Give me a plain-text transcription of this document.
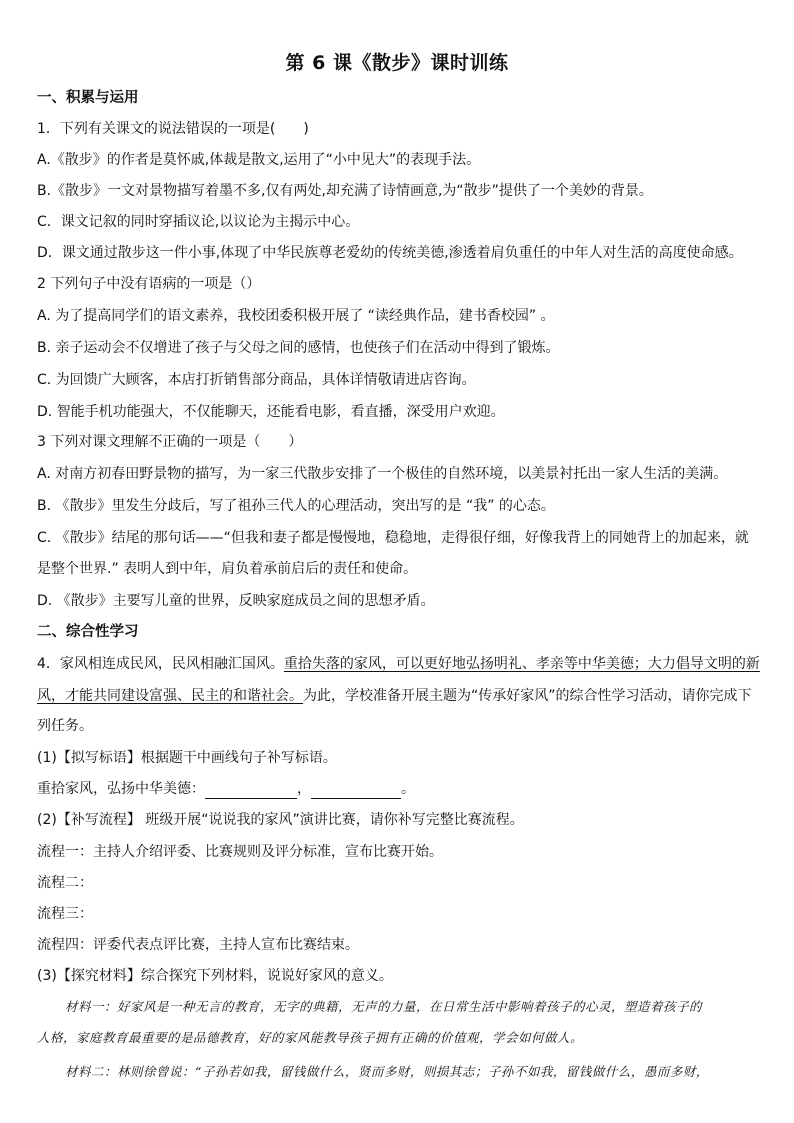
第 6 课《散步》课时训练
一、积累与运用
1．下列有关课文的说法错误的一项是(　　)
A.《散步》的作者是莫怀戚,体裁是散文,运用了“小中见大”的表现手法。
B.《散步》一文对景物描写着墨不多,仅有两处,却充满了诗情画意,为“散步”提供了一个美妙的背景。
C．课文记叙的同时穿插议论,以议论为主揭示中心。
D．课文通过散步这一件小事,体现了中华民族尊老爱幼的传统美德,渗透着肩负重任的中年人对生活的高度使命感。
2 下列句子中没有语病的一项是（）
A. 为了提高同学们的语文素养，我校团委积极开展了 “读经典作品，建书香校园” 。
B. 亲子运动会不仅增进了孩子与父母之间的感情，也使孩子们在活动中得到了锻炼。
C. 为回馈广大顾客，本店打折销售部分商品，具体详情敬请进店咨询。
D. 智能手机功能强大，不仅能聊天，还能看电影，看直播，深受用户欢迎。
3 下列对课文理解不正确的一项是（　　）
A. 对南方初春田野景物的描写，为一家三代散步安排了一个极佳的自然环境，以美景衬托出一家人生活的美满。
B. 《散步》里发生分歧后，写了祖孙三代人的心理活动，突出写的是 “我” 的心态。
C. 《散步》结尾的那句话——“但我和妻子都是慢慢地，稳稳地，走得很仔细，好像我背上的同她背上的加起来，就
是整个世界.” 表明人到中年，肩负着承前启后的责任和使命。
D. 《散步》主要写儿童的世界，反映家庭成员之间的思想矛盾。
二、综合性学习
4．家风相连成民风，民风相融汇国风。重拾失落的家风，可以更好地弘扬明礼、孝亲等中华美德；大力倡导文明的新
风，才能共同建设富强、民主的和谐社会。为此，学校准备开展主题为“传承好家风”的综合性学习活动，请你完成下
列任务。
(1)【拟写标语】根据题干中画线句子补写标语。
重拾家风，弘扬中华美德：	，	。
(2)【补写流程】 班级开展“说说我的家风”演讲比赛，请你补写完整比赛流程。
流程一：主持人介绍评委、比赛规则及评分标准，宣布比赛开始。
流程二：
流程三：
流程四：评委代表点评比赛，主持人宣布比赛结束。
(3)【探究材料】综合探究下列材料，说说好家风的意义。
材料一：好家风是一种无言的教育，无字的典籍，无声的力量，在日常生活中影响着孩子的心灵，塑造着孩子的
人格，家庭教育最重要的是品德教育，好的家风能教导孩子拥有正确的价值观，学会如何做人。
材料二：林则徐曾说：“子孙若如我，留钱做什么，贤而多财，则损其志；子孙不如我，留钱做什么，愚而多财，
